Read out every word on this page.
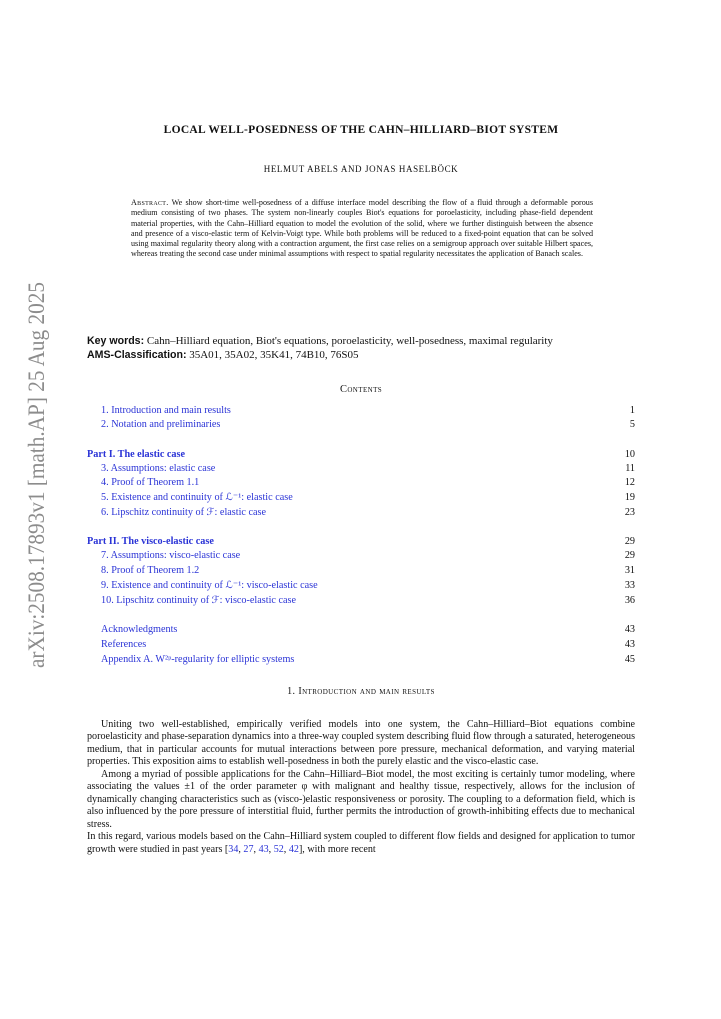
arXiv:2508.17893v1 [math.AP] 25 Aug 2025
LOCAL WELL-POSEDNESS OF THE CAHN–HILLIARD–BIOT SYSTEM
HELMUT ABELS AND JONAS HASELBÖCK
Abstract. We show short-time well-posedness of a diffuse interface model describing the flow of a fluid through a deformable porous medium consisting of two phases. The system non-linearly couples Biot's equations for poroelasticity, including phase-field dependent material properties, with the Cahn–Hilliard equation to model the evolution of the solid, where we further distinguish between the absence and presence of a visco-elastic term of Kelvin-Voigt type. While both problems will be reduced to a fixed-point equation that can be solved using maximal regularity theory along with a contraction argument, the first case relies on a semigroup approach over suitable Hilbert spaces, whereas treating the second case under minimal assumptions with respect to spatial regularity necessitates the application of Banach scales.
Key words: Cahn–Hilliard equation, Biot's equations, poroelasticity, well-posedness, maximal regularity
AMS-Classification: 35A01, 35A02, 35K41, 74B10, 76S05
Contents
1. Introduction and main results	1
2. Notation and preliminaries	5
Part I. The elastic case	10
3. Assumptions: elastic case	11
4. Proof of Theorem 1.1	12
5. Existence and continuity of ℒ⁻¹: elastic case	19
6. Lipschitz continuity of ℱ: elastic case	23
Part II. The visco-elastic case	29
7. Assumptions: visco-elastic case	29
8. Proof of Theorem 1.2	31
9. Existence and continuity of ℒ⁻¹: visco-elastic case	33
10. Lipschitz continuity of ℱ: visco-elastic case	36
Acknowledgments	43
References	43
Appendix A. W²ᵖ-regularity for elliptic systems	45
1. Introduction and main results

Uniting two well-established, empirically verified models into one system, the Cahn–Hilliard–Biot equations combine poroelasticity and phase-separation dynamics into a three-way coupled system describing fluid flow through a saturated, heterogeneous medium, that in particular accounts for mutual interactions between pore pressure, mechanical deformation, and varying material properties. This exposition aims to establish well-posedness in both the purely elastic and the visco-elastic case.

Among a myriad of possible applications for the Cahn–Hilliard–Biot model, the most exciting is certainly tumor modeling, where associating the values ±1 of the order parameter φ with malignant and healthy tissue, respectively, allows for the inclusion of dynamically changing characteristics such as (visco-)elastic responsiveness or porosity. The coupling to a deformation field, which is also influenced by the pore pressure of interstitial fluid, further permits the introduction of growth-inhibiting effects due to mechanical stress.

In this regard, various models based on the Cahn–Hilliard system coupled to different flow fields and designed for application to tumor growth were studied in past years [34, 27, 43, 52, 42], with more recent
